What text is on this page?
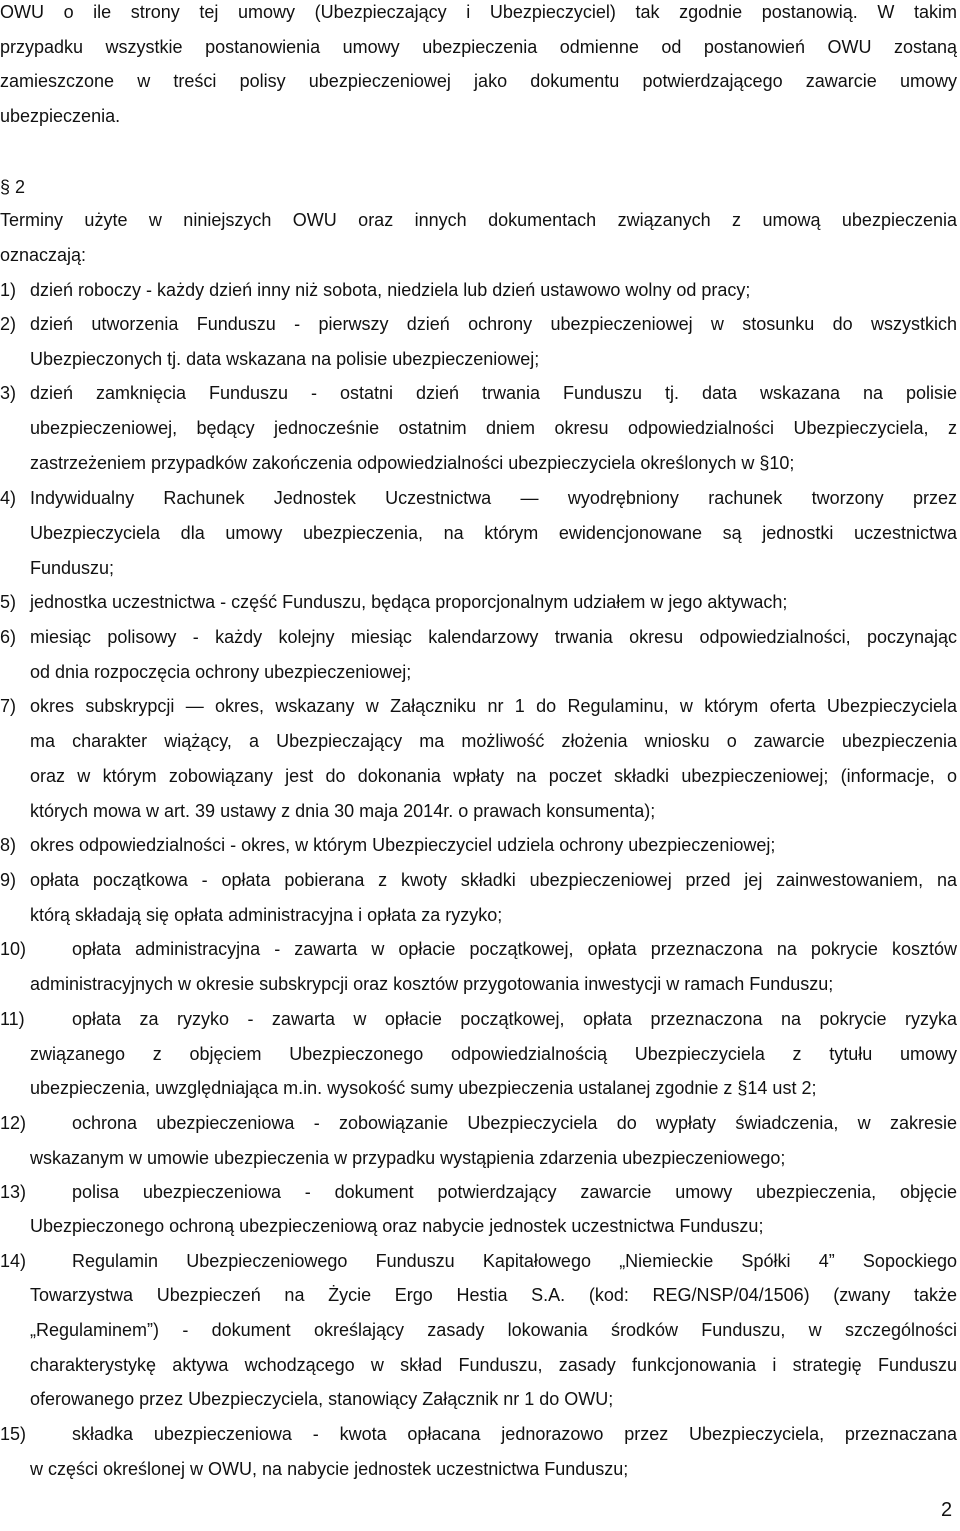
OWU o ile strony tej umowy (Ubezpieczający i Ubezpieczyciel) tak zgodnie postanowią. W takim
przypadku wszystkie postanowienia umowy ubezpieczenia odmienne od postanowień OWU zostaną
zamieszczone w treści polisy ubezpieczeniowej jako dokumentu potwierdzającego zawarcie umowy
ubezpieczenia.
§ 2
Terminy użyte w niniejszych OWU oraz innych dokumentach związanych z umową ubezpieczenia
oznaczają:
1) dzień roboczy - każdy dzień inny niż sobota, niedziela lub dzień ustawowo wolny od pracy;
2) dzień utworzenia Funduszu - pierwszy dzień ochrony ubezpieczeniowej w stosunku do wszystkich
Ubezpieczonych tj. data wskazana na polisie ubezpieczeniowej;
3) dzień zamknięcia Funduszu - ostatni dzień trwania Funduszu tj. data wskazana na polisie
ubezpieczeniowej, będący jednocześnie ostatnim dniem okresu odpowiedzialności Ubezpieczyciela, z
zastrzeżeniem przypadków zakończenia odpowiedzialności ubezpieczyciela określonych w §10;
4) Indywidualny Rachunek Jednostek Uczestnictwa — wyodrębniony rachunek tworzony przez
Ubezpieczyciela dla umowy ubezpieczenia, na którym ewidencjonowane są jednostki uczestnictwa
Funduszu;
5) jednostka uczestnictwa - część Funduszu, będąca proporcjonalnym udziałem w jego aktywach;
6) miesiąc polisowy - każdy kolejny miesiąc kalendarzowy trwania okresu odpowiedzialności, poczynając
od dnia rozpoczęcia ochrony ubezpieczeniowej;
7) okres subskrypcji — okres, wskazany w Załączniku nr 1 do Regulaminu, w którym oferta Ubezpieczyciela
ma charakter wiążący, a Ubezpieczający ma możliwość złożenia wniosku o zawarcie ubezpieczenia
oraz w którym zobowiązany jest do dokonania wpłaty na poczet składki ubezpieczeniowej; (informacje, o
których mowa w art. 39 ustawy z dnia 30 maja 2014r. o prawach konsumenta);
8) okres odpowiedzialności - okres, w którym Ubezpieczyciel udziela ochrony ubezpieczeniowej;
9) opłata początkowa - opłata pobierana z kwoty składki ubezpieczeniowej przed jej zainwestowaniem, na
którą składają się opłata administracyjna i opłata za ryzyko;
10)	opłata administracyjna - zawarta w opłacie początkowej, opłata przeznaczona na pokrycie kosztów
administracyjnych w okresie subskrypcji oraz kosztów przygotowania inwestycji w ramach Funduszu;
11)	opłata za ryzyko - zawarta w opłacie początkowej, opłata przeznaczona na pokrycie ryzyka
związanego z objęciem Ubezpieczonego odpowiedzialnością Ubezpieczyciela z tytułu umowy
ubezpieczenia, uwzględniająca m.in. wysokość sumy ubezpieczenia ustalanej zgodnie z §14 ust 2;
12)	ochrona ubezpieczeniowa - zobowiązanie Ubezpieczyciela do wypłaty świadczenia, w zakresie
wskazanym w umowie ubezpieczenia w przypadku wystąpienia zdarzenia ubezpieczeniowego;
13)	polisa ubezpieczeniowa - dokument potwierdzający zawarcie umowy ubezpieczenia, objęcie
Ubezpieczonego ochroną ubezpieczeniową oraz nabycie jednostek uczestnictwa Funduszu;
14)	Regulamin Ubezpieczeniowego Funduszu Kapitałowego „Niemieckie Spółki 4” Sopockiego
Towarzystwa Ubezpieczeń na Życie Ergo Hestia S.A. (kod: REG/NSP/04/1506) (zwany także
„Regulaminem”) - dokument określający zasady lokowania środków Funduszu, w szczególności
charakterystykę aktywa wchodzącego w skład Funduszu, zasady funkcjonowania i strategię Funduszu
oferowanego przez Ubezpieczyciela, stanowiący Załącznik nr 1 do OWU;
15)	składka ubezpieczeniowa - kwota opłacana jednorazowo przez Ubezpieczyciela, przeznaczana
w części określonej w OWU, na nabycie jednostek uczestnictwa Funduszu;
2
